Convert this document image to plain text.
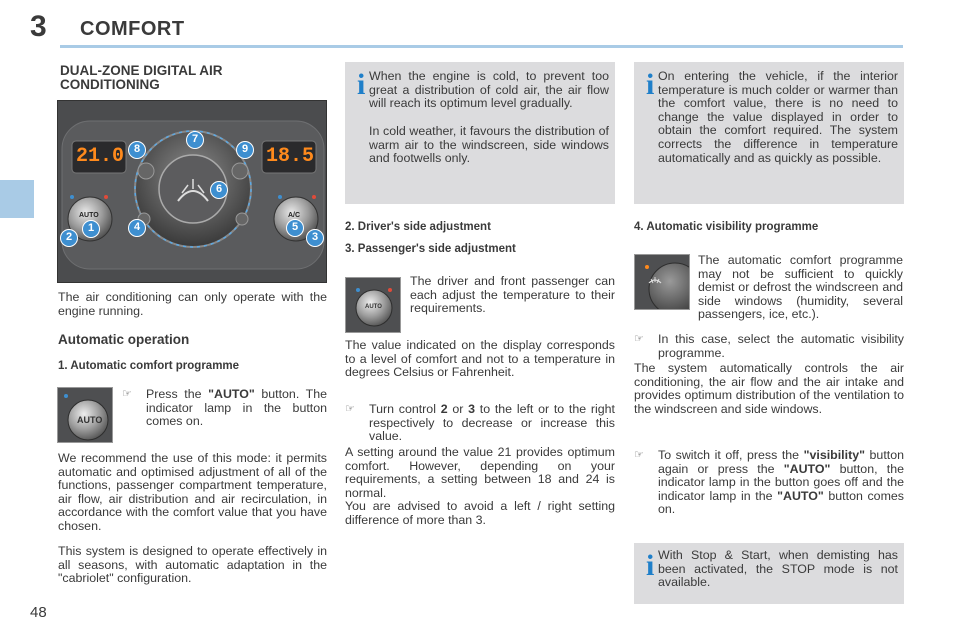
3 COMFORT
48
DUAL-ZONE DIGITAL AIR
CONDITIONING
21.0	18.5
AUTO	A/C
1
2	3
4	5
6
7
8	9
The air conditioning can only operate with the engine running.
Automatic operation
1. Automatic comfort programme
AUTO
☞	Press the "AUTO" button. The indicator lamp in the button comes on.
We recommend the use of this mode: it permits automatic and optimised adjustment of all of the functions, passenger compartment temperature, air flow, air distribution and air recirculation, in accordance with the comfort value that you have chosen.
This system is designed to operate effectively in all seasons, with automatic adaptation in the "cabriolet" configuration.
i When the engine is cold, to prevent too great a distribution of cold air, the air flow will reach its optimum level gradually.
In cold weather, it favours the distribution of warm air to the windscreen, side windows and footwells only.
2. Driver's side adjustment
3. Passenger's side adjustment
AUTO
The driver and front passenger can each adjust the temperature to their requirements.
The value indicated on the display corresponds to a level of comfort and not to a temperature in degrees Celsius or Fahrenheit.
☞	Turn control 2 or 3 to the left or to the right respectively to decrease or increase this value.
A setting around the value 21 provides optimum comfort. However, depending on your requirements, a setting between 18 and 24 is normal.
You are advised to avoid a left / right setting difference of more than 3.
i On entering the vehicle, if the interior temperature is much colder or warmer than the comfort value, there is no need to change the value displayed in order to obtain the comfort required. The system corrects the difference in temperature automatically and as quickly as possible.
4. Automatic visibility programme
The automatic comfort programme may not be sufficient to quickly demist or defrost the windscreen and side windows (humidity, several passengers, ice, etc.).
☞	In this case, select the automatic visibility programme.
The system automatically controls the air conditioning, the air flow and the air intake and provides optimum distribution of the ventilation to the windscreen and side windows.
☞	To switch it off, press the "visibility" button again or press the "AUTO" button, the indicator lamp in the button goes off and the indicator lamp in the "AUTO" button comes on.
i With Stop & Start, when demisting has been activated, the STOP mode is not available.
